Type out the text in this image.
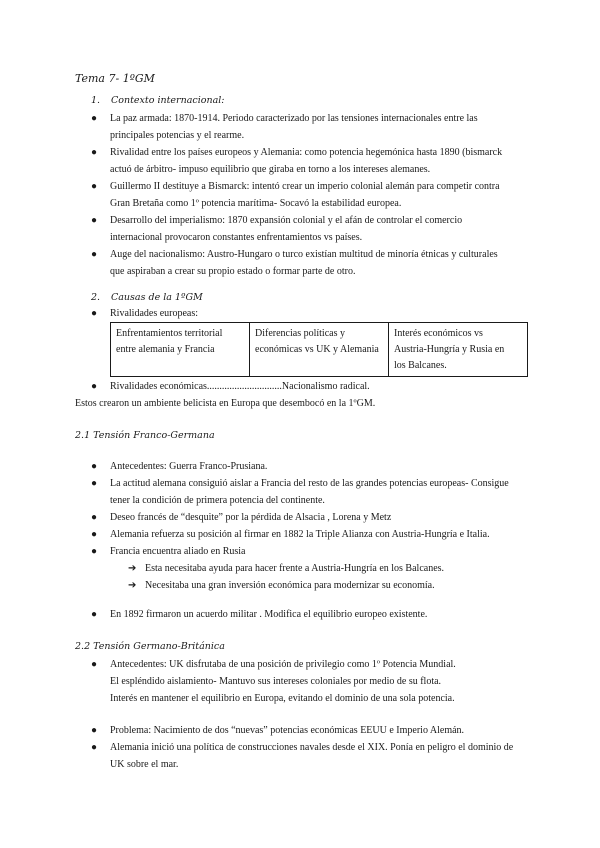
Tema 7- 1ºGM
1. Contexto internacional:
● La paz armada: 1870-1914. Periodo caracterizado por las tensiones internacionales entre las
principales potencias y el rearme.
● Rivalidad entre los países europeos y Alemania: como potencia hegemónica hasta 1890 (bismarck
actuó de árbitro- impuso equilibrio que giraba en torno a los intereses alemanes.
● Guillermo II destituye a Bismarck: intentó crear un imperio colonial alemán para competir contra
Gran Bretaña como 1º potencia marítima- Socavó la estabilidad europea.
● Desarrollo del imperialismo: 1870 expansión colonial y el afán de controlar el comercio
internacional provocaron constantes enfrentamientos vs países.
● Auge del nacionalismo: Austro-Hungaro o turco existían multitud de minoría étnicas y culturales
que aspiraban a crear su propio estado o formar parte de otro.
2. Causas de la 1ºGM
● Rivalidades europeas:
Enfrentamientos territorial
entre alemania y Francia

Diferencias políticas y
económicas vs UK y Alemania

Interés económicos vs
Austria-Hungría y Rusia en
los Balcanes.
● Rivalidades económicas..............................Nacionalismo radical.
Estos crearon un ambiente belicista en Europa que desembocó en la 1ºGM.
2.1 Tensión Franco-Germana
● Antecedentes: Guerra Franco-Prusiana.
● La actitud alemana consiguió aislar a Francia del resto de las grandes potencias europeas- Consigue
tener la condición de primera potencia del continente.
● Deseo francés de “desquite” por la pérdida de Alsacia , Lorena y Metz
● Alemania refuerza su posición al firmar en 1882 la Triple Alianza con Austria-Hungría e Italia.
● Francia encuentra aliado en Rusia
➔ Esta necesitaba ayuda para hacer frente a Austria-Hungría en los Balcanes.
➔ Necesitaba una gran inversión económica para modernizar su economía.
● En 1892 firmaron un acuerdo militar . Modifica el equilibrio europeo existente.
2.2 Tensión Germano-Británica
● Antecedentes: UK disfrutaba de una posición de privilegio como 1º Potencia Mundial.
El espléndido aislamiento- Mantuvo sus intereses coloniales por medio de su flota.
Interés en mantener el equilibrio en Europa, evitando el dominio de una sola potencia.
● Problema: Nacimiento de dos “nuevas” potencias económicas EEUU e Imperio Alemán.
● Alemania inició una política de construcciones navales desde el XIX. Ponía en peligro el dominio de
UK sobre el mar.
